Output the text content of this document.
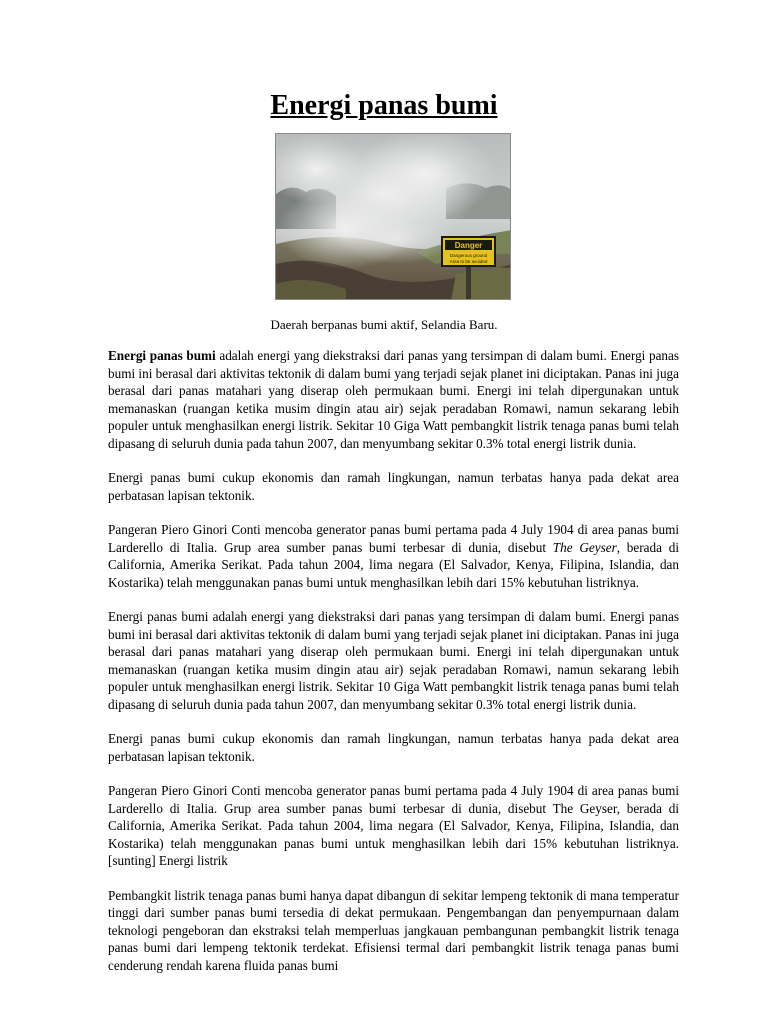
Energi panas bumi
Danger
Dangerous ground
Area to be avoided

Daerah berpanas bumi aktif, Selandia Baru.

Energi panas bumi adalah energi yang diekstraksi dari panas yang tersimpan di dalam bumi. Energi panas bumi ini berasal dari aktivitas tektonik di dalam bumi yang terjadi sejak planet ini diciptakan. Panas ini juga berasal dari panas matahari yang diserap oleh permukaan bumi. Energi ini telah dipergunakan untuk memanaskan (ruangan ketika musim dingin atau air) sejak peradaban Romawi, namun sekarang lebih populer untuk menghasilkan energi listrik. Sekitar 10 Giga Watt pembangkit listrik tenaga panas bumi telah dipasang di seluruh dunia pada tahun 2007, dan menyumbang sekitar 0.3% total energi listrik dunia.

Energi panas bumi cukup ekonomis dan ramah lingkungan, namun terbatas hanya pada dekat area perbatasan lapisan tektonik.

Pangeran Piero Ginori Conti mencoba generator panas bumi pertama pada 4 July 1904 di area panas bumi Larderello di Italia. Grup area sumber panas bumi terbesar di dunia, disebut The Geyser, berada di California, Amerika Serikat. Pada tahun 2004, lima negara (El Salvador, Kenya, Filipina, Islandia, dan Kostarika) telah menggunakan panas bumi untuk menghasilkan lebih dari 15% kebutuhan listriknya.

Energi panas bumi adalah energi yang diekstraksi dari panas yang tersimpan di dalam bumi. Energi panas bumi ini berasal dari aktivitas tektonik di dalam bumi yang terjadi sejak planet ini diciptakan. Panas ini juga berasal dari panas matahari yang diserap oleh permukaan bumi. Energi ini telah dipergunakan untuk memanaskan (ruangan ketika musim dingin atau air) sejak peradaban Romawi, namun sekarang lebih populer untuk menghasilkan energi listrik. Sekitar 10 Giga Watt pembangkit listrik tenaga panas bumi telah dipasang di seluruh dunia pada tahun 2007, dan menyumbang sekitar 0.3% total energi listrik dunia.

Energi panas bumi cukup ekonomis dan ramah lingkungan, namun terbatas hanya pada dekat area perbatasan lapisan tektonik.

Pangeran Piero Ginori Conti mencoba generator panas bumi pertama pada 4 July 1904 di area panas bumi Larderello di Italia. Grup area sumber panas bumi terbesar di dunia, disebut The Geyser, berada di California, Amerika Serikat. Pada tahun 2004, lima negara (El Salvador, Kenya, Filipina, Islandia, dan Kostarika) telah menggunakan panas bumi untuk menghasilkan lebih dari 15% kebutuhan listriknya. [sunting] Energi listrik

Pembangkit listrik tenaga panas bumi hanya dapat dibangun di sekitar lempeng tektonik di mana temperatur tinggi dari sumber panas bumi tersedia di dekat permukaan. Pengembangan dan penyempurnaan dalam teknologi pengeboran dan ekstraksi telah memperluas jangkauan pembangunan pembangkit listrik tenaga panas bumi dari lempeng tektonik terdekat. Efisiensi termal dari pembangkit listrik tenaga panas bumi cenderung rendah karena fluida panas bumi
